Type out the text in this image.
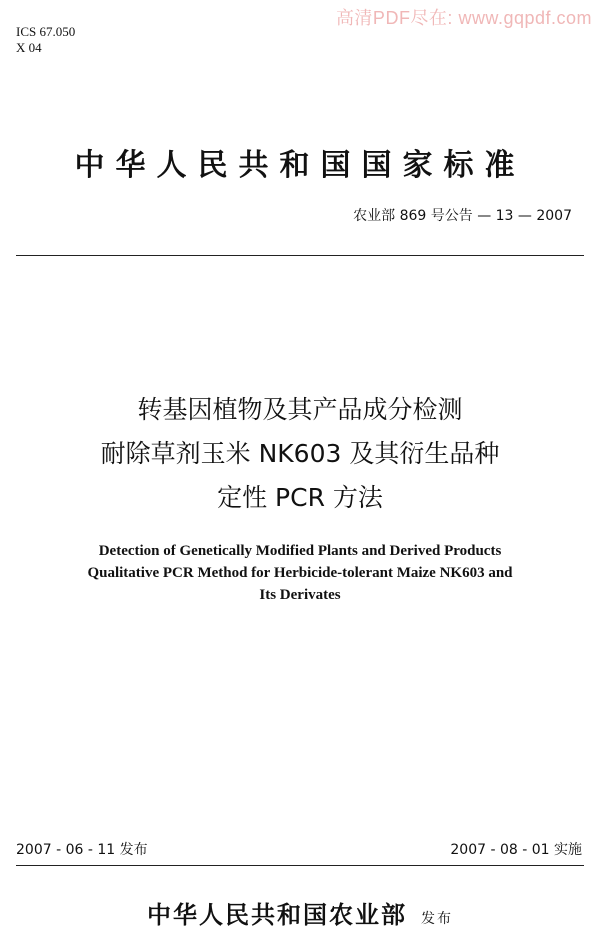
高清PDF尽在: www.gqpdf.com
ICS 67.050
X 04
中华人民共和国国家标准
农业部 869 号公告 — 13 — 2007
转基因植物及其产品成分检测
耐除草剂玉米 NK603 及其衍生品种
定性 PCR 方法
Detection of Genetically Modified Plants and Derived Products
Qualitative PCR Method for Herbicide-tolerant Maize NK603 and
Its Derivates
2007 - 06 - 11 发布	2007 - 08 - 01 实施
中华人民共和国农业部 发布
